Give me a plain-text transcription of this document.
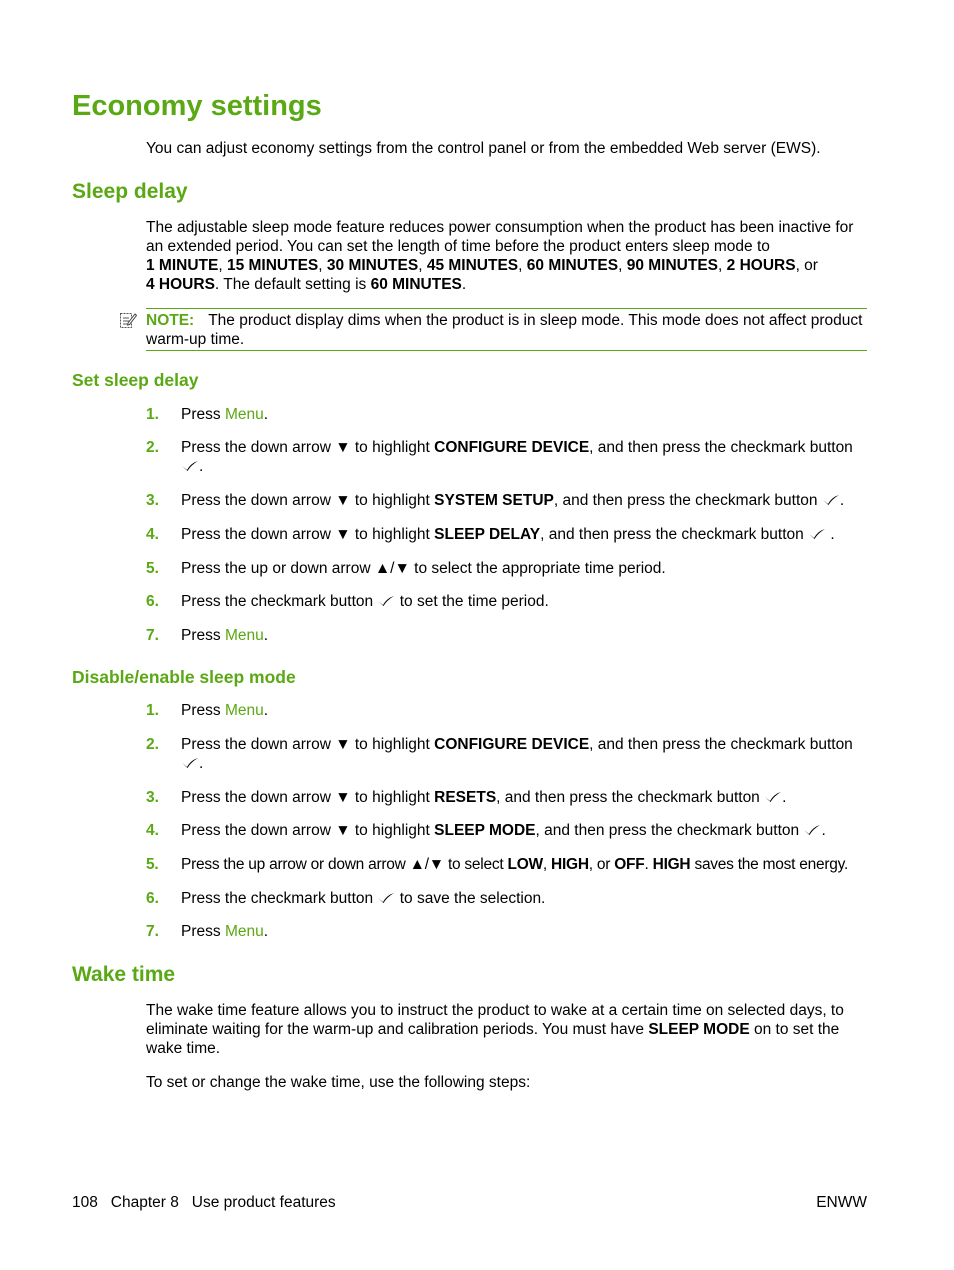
Economy settings

You can adjust economy settings from the control panel or from the embedded Web server (EWS).

Sleep delay
The adjustable sleep mode feature reduces power consumption when the product has been inactive for an extended period. You can set the length of time before the product enters sleep mode to
1 MINUTE, 15 MINUTES, 30 MINUTES, 45 MINUTES, 60 MINUTES, 90 MINUTES, 2 HOURS, or
4 HOURS. The default setting is 60 MINUTES.
NOTE: The product display dims when the product is in sleep mode. This mode does not affect product warm-up time.
Set sleep delay
1. Press Menu.
2. Press the down arrow ▼ to highlight CONFIGURE DEVICE, and then press the checkmark button
.
3. Press the down arrow ▼ to highlight SYSTEM SETUP, and then press the checkmark button .
4. Press the down arrow ▼ to highlight SLEEP DELAY, and then press the checkmark button .
5. Press the up or down arrow ▲/▼ to select the appropriate time period.
6. Press the checkmark button to set the time period.
7. Press Menu.
Disable/enable sleep mode
1. Press Menu.
2. Press the down arrow ▼ to highlight CONFIGURE DEVICE, and then press the checkmark button
.
3. Press the down arrow ▼ to highlight RESETS, and then press the checkmark button .
4. Press the down arrow ▼ to highlight SLEEP MODE, and then press the checkmark button .
5. Press the up arrow or down arrow ▲/▼ to select LOW, HIGH, or OFF. HIGH saves the most energy.
6. Press the checkmark button to save the selection.
7. Press Menu.
Wake time
The wake time feature allows you to instruct the product to wake at a certain time on selected days, to eliminate waiting for the warm-up and calibration periods. You must have SLEEP MODE on to set the wake time.

To set or change the wake time, use the following steps:

108 Chapter 8 Use product features	ENWW
